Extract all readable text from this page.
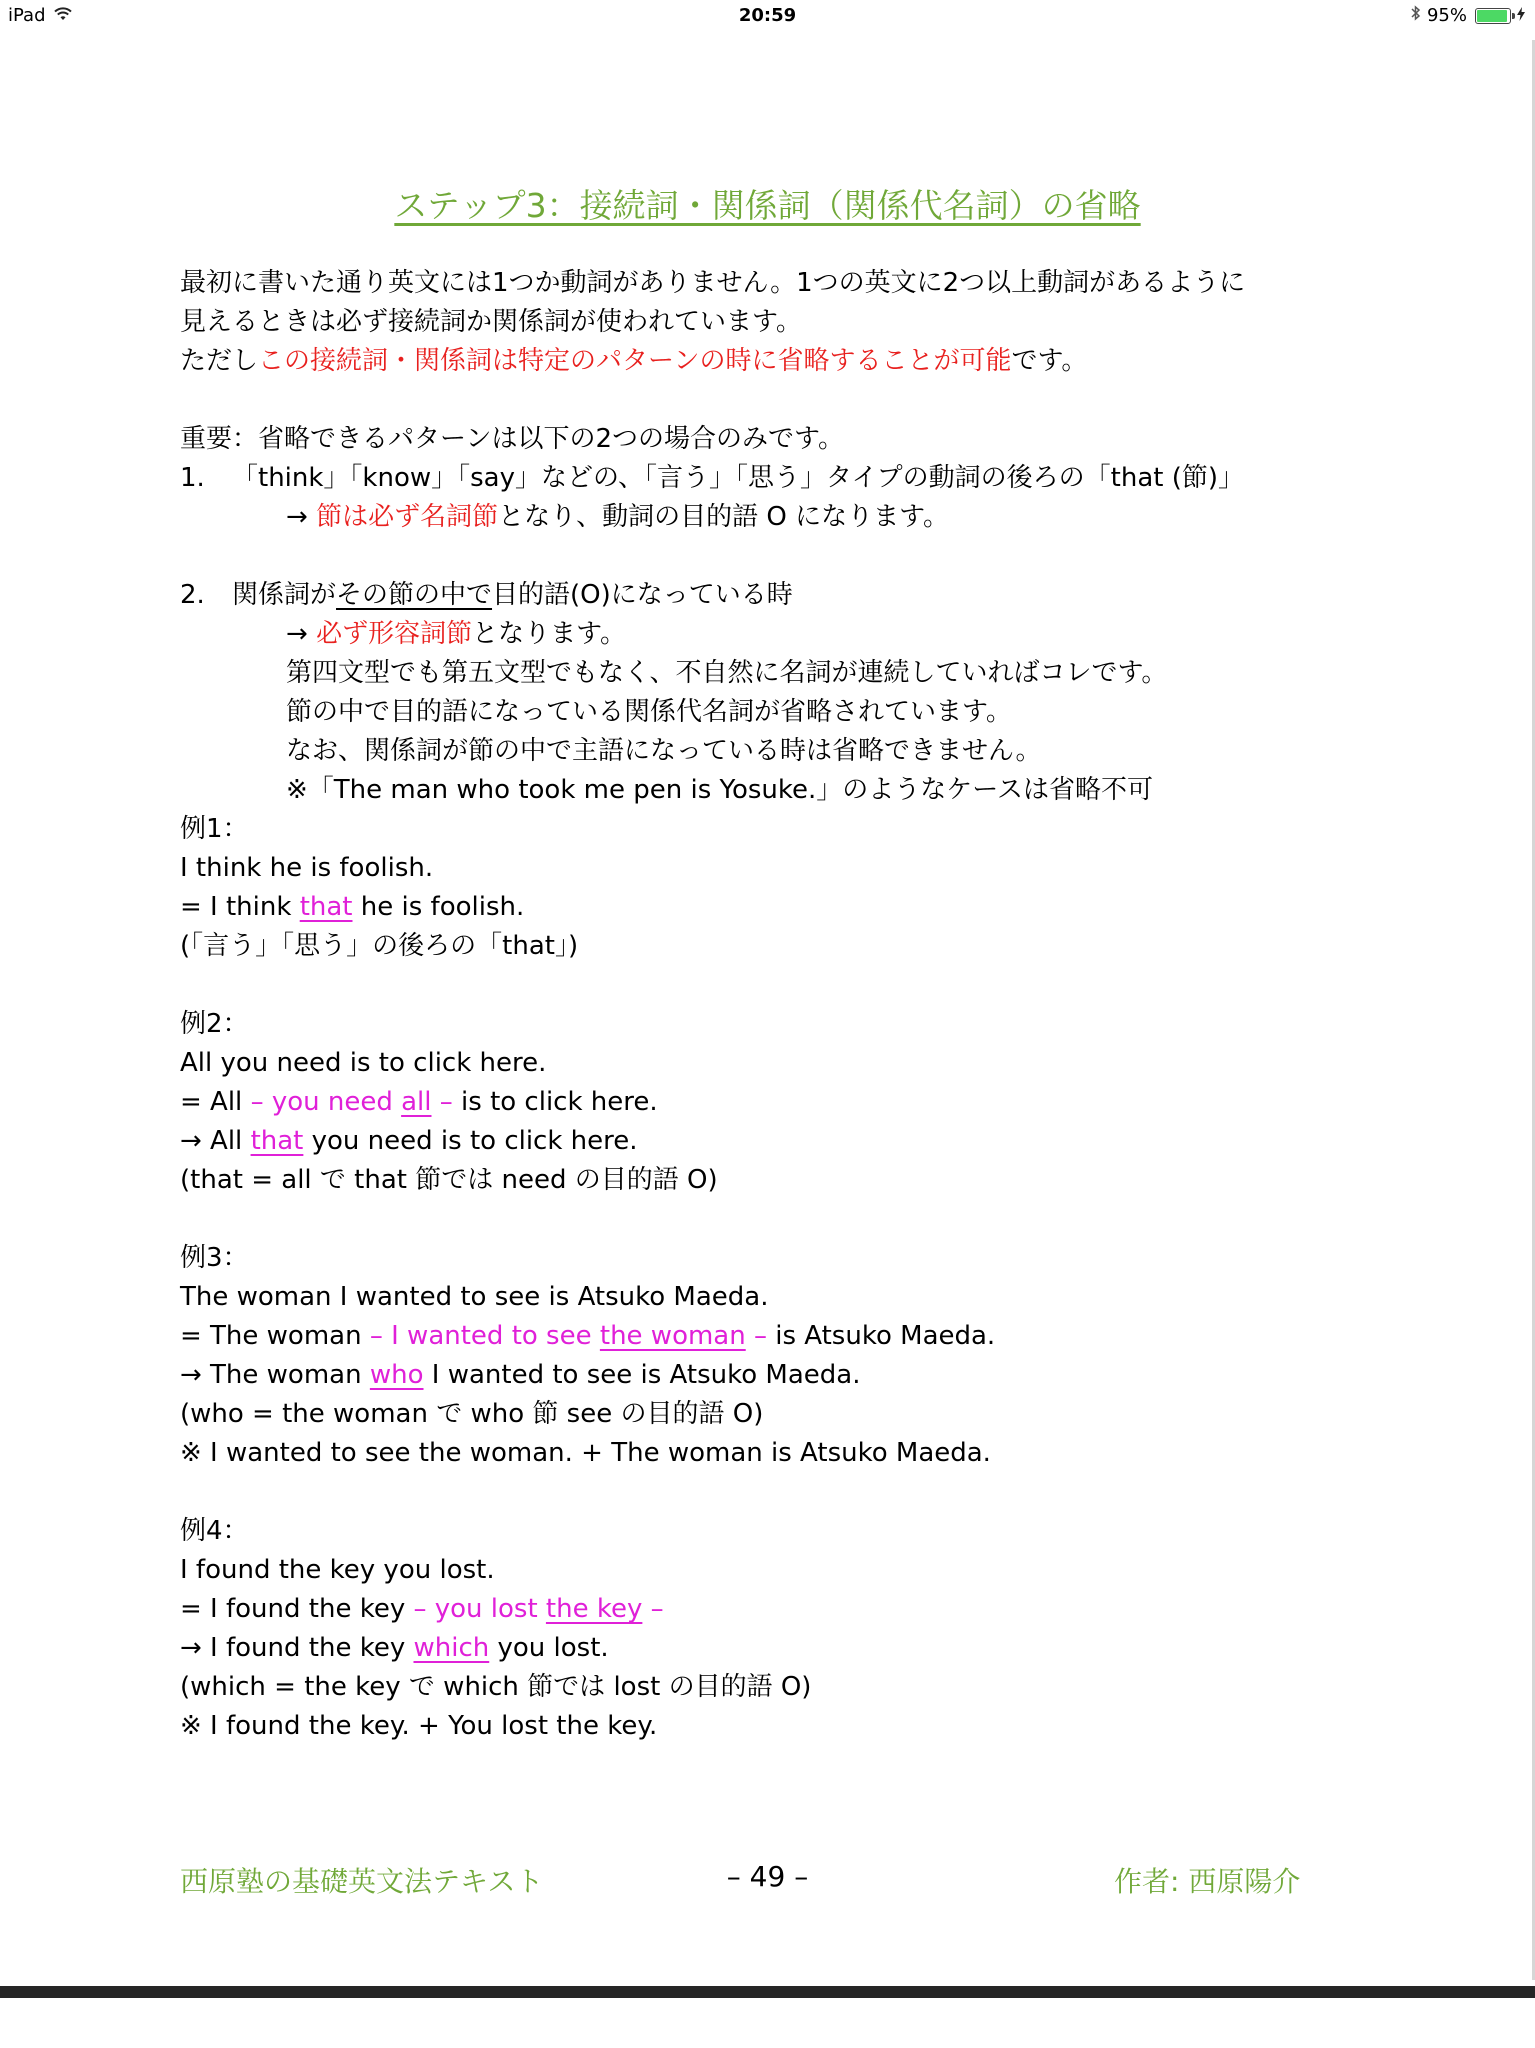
iPad	20:59	95%
ステップ3：接続詞・関係詞（関係代名詞）の省略
最初に書いた通り英文には1つか動詞がありません。1つの英文に2つ以上動詞があるように
見えるときは必ず接続詞か関係詞が使われています。
ただしこの接続詞・関係詞は特定のパターンの時に省略することが可能です。
重要：省略できるパターンは以下の2つの場合のみです。
1. 「think」「know」「say」などの、「言う」「思う」タイプの動詞の後ろの「that (節)」
→ 節は必ず名詞節となり、動詞の目的語 O になります。
2. 関係詞がその節の中で目的語(O)になっている時
→ 必ず形容詞節となります。
第四文型でも第五文型でもなく、不自然に名詞が連続していればコレです。
節の中で目的語になっている関係代名詞が省略されています。
なお、関係詞が節の中で主語になっている時は省略できません。
※「The man who took me pen is Yosuke.」のようなケースは省略不可
例1：
I think he is foolish.
= I think that he is foolish.
(「言う」「思う」の後ろの「that」)
例2：
All you need is to click here.
= All – you need all – is to click here.
→ All that you need is to click here.
(that = all で that 節では need の目的語 O)
例3：
The woman I wanted to see is Atsuko Maeda.
= The woman – I wanted to see the woman – is Atsuko Maeda.
→ The woman who I wanted to see is Atsuko Maeda.
(who = the woman で who 節 see の目的語 O)
※ I wanted to see the woman. + The woman is Atsuko Maeda.
例4：
I found the key you lost.
= I found the key – you lost the key –
→ I found the key which you lost.
(which = the key で which 節では lost の目的語 O)
※ I found the key. + You lost the key.
西原塾の基礎英文法テキスト	– 49 –	作者: 西原陽介
